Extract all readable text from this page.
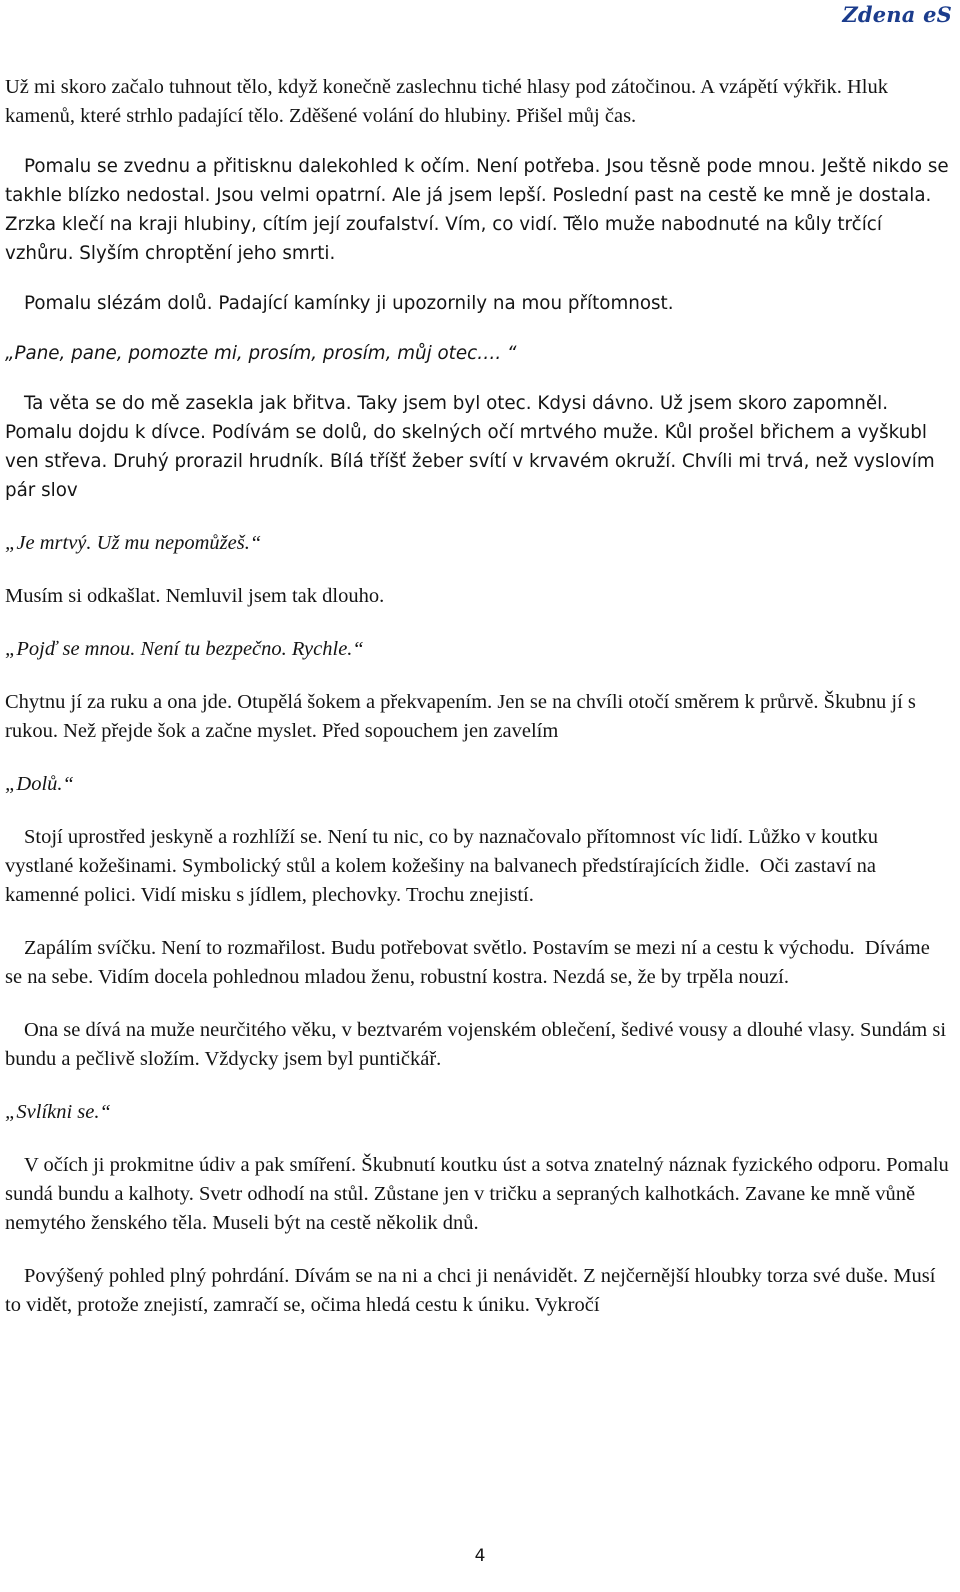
Zdena eS

Už mi skoro začalo tuhnout tělo, když konečně zaslechnu tiché hlasy pod zátočinou. A vzápětí výkřik. Hluk kamenů, které strhlo padající tělo. Zděšené volání do hlubiny. Přišel můj čas.

Pomalu se zvednu a přitisknu dalekohled k očím. Není potřeba. Jsou těsně pode mnou. Ještě nikdo se takhle blízko nedostal. Jsou velmi opatrní. Ale já jsem lepší. Poslední past na cestě ke mně je dostala. Zrzka klečí na kraji hlubiny, cítím její zoufalství. Vím, co vidí. Tělo muže nabodnuté na kůly trčící vzhůru. Slyším chroptění jeho smrti.

Pomalu slézám dolů. Padající kamínky ji upozornily na mou přítomnost.

„Pane, pane, pomozte mi, prosím, prosím, můj otec…. “

Ta věta se do mě zasekla jak břitva. Taky jsem byl otec. Kdysi dávno. Už jsem skoro zapomněl. Pomalu dojdu k dívce. Podívám se dolů, do skelných očí mrtvého muže. Kůl prošel břichem a vyškubl ven střeva. Druhý prorazil hrudník. Bílá tříšť žeber svítí v krvavém okruží. Chvíli mi trvá, než vyslovím pár slov

„Je mrtvý. Už mu nepomůžeš.“

Musím si odkašlat. Nemluvil jsem tak dlouho.

„Pojď se mnou. Není tu bezpečno. Rychle.“

Chytnu jí za ruku a ona jde. Otupělá šokem a překvapením. Jen se na chvíli otočí směrem k průrvě. Škubnu jí s rukou. Než přejde šok a začne myslet. Před sopouchem jen zavelím

„Dolů.“

Stojí uprostřed jeskyně a rozhlíží se. Není tu nic, co by naznačovalo přítomnost víc lidí. Lůžko v koutku vystlané kožešinami. Symbolický stůl a kolem kožešiny na balvanech předstírajících židle.  Oči zastaví na kamenné polici. Vidí misku s jídlem, plechovky. Trochu znejistí.

Zapálím svíčku. Není to rozmařilost. Budu potřebovat světlo. Postavím se mezi ní a cestu k východu.  Díváme se na sebe. Vidím docela pohlednou mladou ženu, robustní kostra. Nezdá se, že by trpěla nouzí.

Ona se dívá na muže neurčitého věku, v beztvarém vojenském oblečení, šedivé vousy a dlouhé vlasy. Sundám si bundu a pečlivě složím. Vždycky jsem byl puntičkář.

„Svlíkni se.“

V očích ji prokmitne údiv a pak smíření. Škubnutí koutku úst a sotva znatelný náznak fyzického odporu. Pomalu sundá bundu a kalhoty. Svetr odhodí na stůl. Zůstane jen v tričku a sepraných kalhotkách. Zavane ke mně vůně nemytého ženského těla. Museli být na cestě několik dnů.

Povýšený pohled plný pohrdání. Dívám se na ni a chci ji nenávidět. Z nejčernější hloubky torza své duše. Musí to vidět, protože znejistí, zamračí se, očima hledá cestu k úniku. Vykročí

4
